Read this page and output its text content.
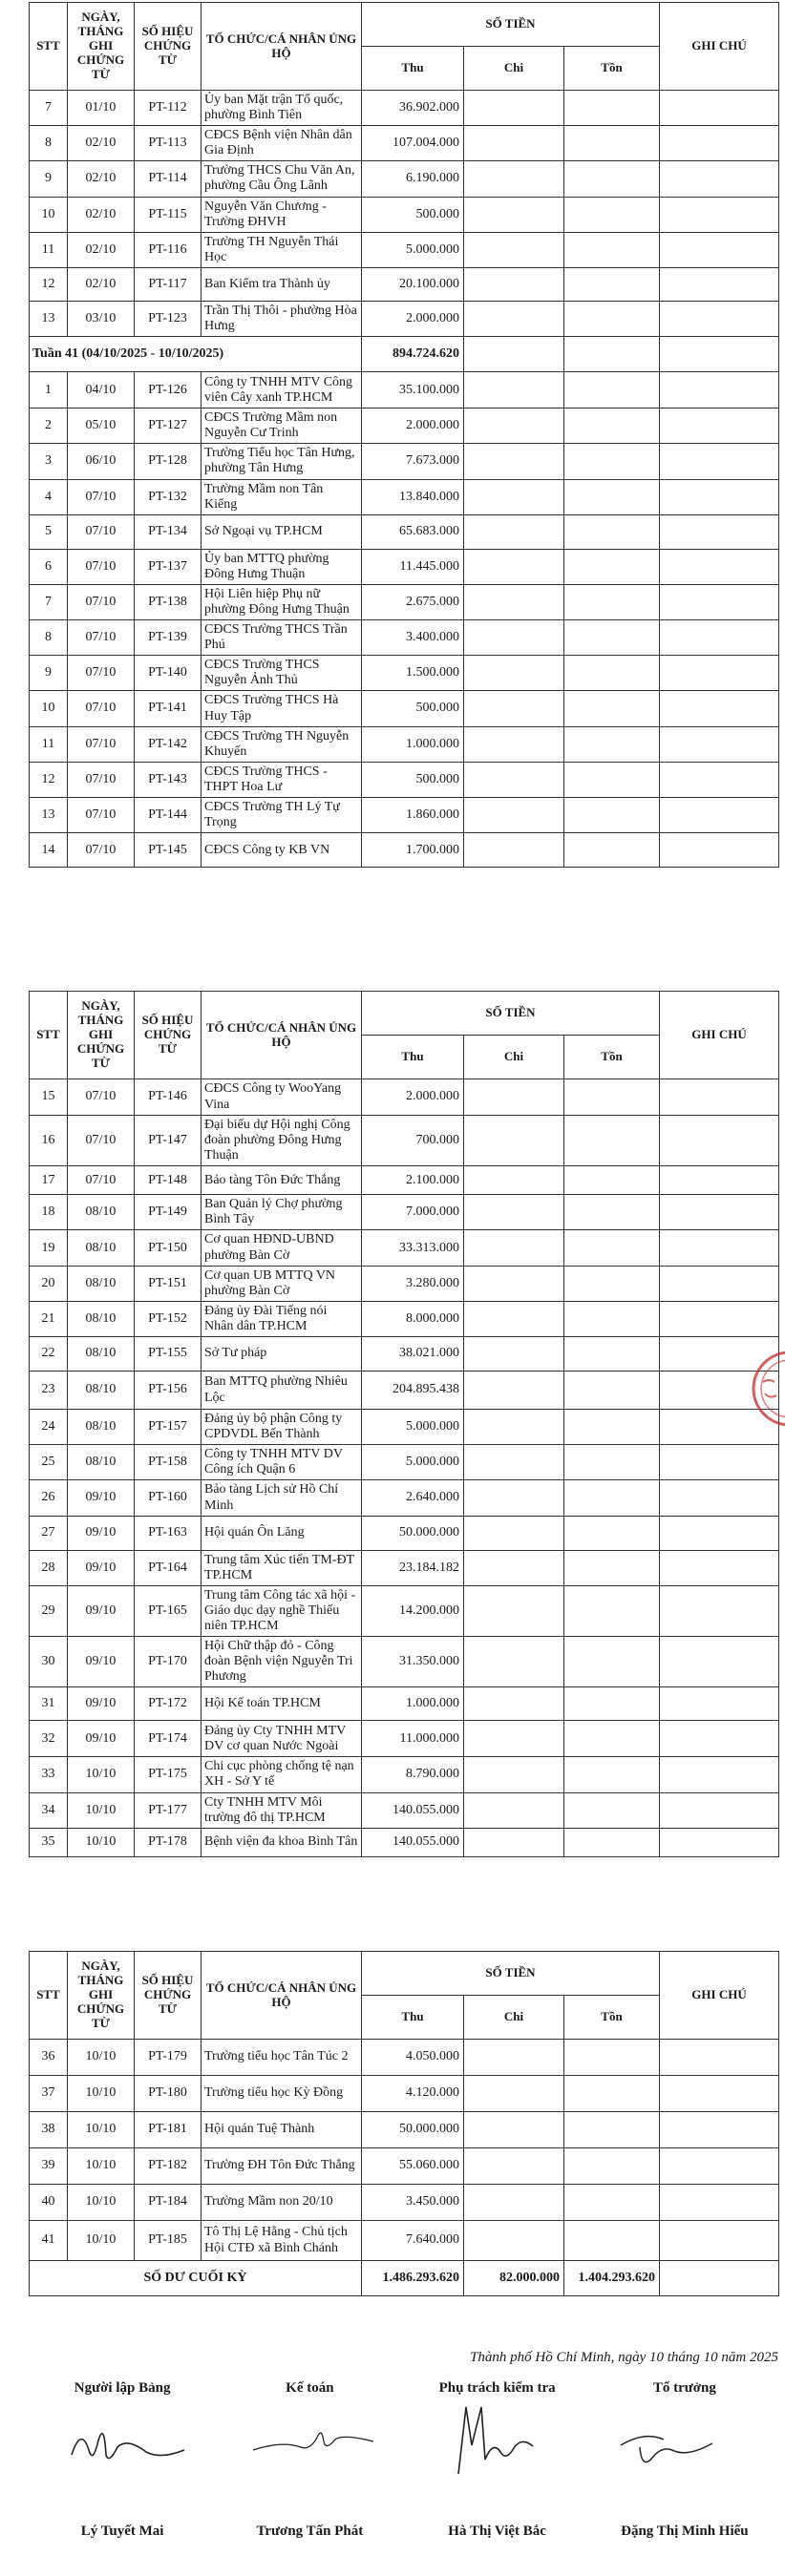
STT	NGÀY, THÁNG GHI CHỨNG TỪ	SỐ HIỆU CHỨNG TỪ	TỔ CHỨC/CÁ NHÂN ỦNG HỘ	SỐ TIỀN			GHI CHÚ
				Thu	Chi	Tồn	
7	01/10	PT-112	Ủy ban Mặt trận Tổ quốc, phường Bình Tiên	36.902.000			
8	02/10	PT-113	CĐCS Bệnh viện Nhân dân Gia Định	107.004.000			
9	02/10	PT-114	Trường THCS Chu Văn An, phường Cầu Ông Lãnh	6.190.000			
10	02/10	PT-115	Nguyễn Văn Chương - Trường ĐHVH	500.000			
11	02/10	PT-116	Trường TH Nguyễn Thái Học	5.000.000			
12	02/10	PT-117	Ban Kiểm tra Thành ủy	20.100.000			
13	03/10	PT-123	Trần Thị Thôi - phường Hòa Hưng	2.000.000			
Tuần 41 (04/10/2025 - 10/10/2025)				894.724.620			
1	04/10	PT-126	Công ty TNHH MTV Công viên Cây xanh TP.HCM	35.100.000			
2	05/10	PT-127	CĐCS Trường Mầm non Nguyễn Cư Trinh	2.000.000			
3	06/10	PT-128	Trường Tiểu học Tân Hưng, phường Tân Hưng	7.673.000			
4	07/10	PT-132	Trường Mầm non Tân Kiểng	13.840.000			
5	07/10	PT-134	Sở Ngoại vụ TP.HCM	65.683.000			
6	07/10	PT-137	Ủy ban MTTQ phường Đông Hưng Thuận	11.445.000			
7	07/10	PT-138	Hội Liên hiệp Phụ nữ phường Đông Hưng Thuận	2.675.000			
8	07/10	PT-139	CĐCS Trường THCS Trần Phú	3.400.000			
9	07/10	PT-140	CĐCS Trường THCS Nguyễn Ảnh Thủ	1.500.000			
10	07/10	PT-141	CĐCS Trường THCS Hà Huy Tập	500.000			
11	07/10	PT-142	CĐCS Trường TH Nguyễn Khuyến	1.000.000			
12	07/10	PT-143	CĐCS Trường THCS - THPT Hoa Lư	500.000			
13	07/10	PT-144	CĐCS Trường TH Lý Tự Trọng	1.860.000			
14	07/10	PT-145	CĐCS Công ty KB VN	1.700.000			
STT	NGÀY, THÁNG GHI CHỨNG TỪ	SỐ HIỆU CHỨNG TỪ	TỔ CHỨC/CÁ NHÂN ỦNG HỘ	SỐ TIỀN			GHI CHÚ
				Thu	Chi	Tồn	
15	07/10	PT-146	CĐCS Công ty WooYang Vina	2.000.000			
16	07/10	PT-147	Đại biểu dự Hội nghị Công đoàn phường Đông Hưng Thuận	700.000			
17	07/10	PT-148	Bảo tàng Tôn Đức Thắng	2.100.000			
18	08/10	PT-149	Ban Quản lý Chợ phường Bình Tây	7.000.000			
19	08/10	PT-150	Cơ quan HĐND-UBND phường Bàn Cờ	33.313.000			
20	08/10	PT-151	Cơ quan UB MTTQ VN phường Bàn Cờ	3.280.000			
21	08/10	PT-152	Đảng ủy Đài Tiếng nói Nhân dân TP.HCM	8.000.000			
22	08/10	PT-155	Sở Tư pháp	38.021.000			
23	08/10	PT-156	Ban MTTQ phường Nhiêu Lộc	204.895.438			
24	08/10	PT-157	Đảng ủy bộ phận Công ty CPDVDL Bến Thành	5.000.000			
25	08/10	PT-158	Công ty TNHH MTV DV Công ích Quận 6	5.000.000			
26	09/10	PT-160	Bảo tàng Lịch sử Hồ Chí Minh	2.640.000			
27	09/10	PT-163	Hội quán Ôn Lăng	50.000.000			
28	09/10	PT-164	Trung tâm Xúc tiến TM-ĐT TP.HCM	23.184.182			
29	09/10	PT-165	Trung tâm Công tác xã hội - Giáo dục dạy nghề Thiếu niên TP.HCM	14.200.000			
30	09/10	PT-170	Hội Chữ thập đỏ - Công đoàn Bệnh viện Nguyễn Tri Phương	31.350.000			
31	09/10	PT-172	Hội Kế toán TP.HCM	1.000.000			
32	09/10	PT-174	Đảng ủy Cty TNHH MTV DV cơ quan Nước Ngoài	11.000.000			
33	10/10	PT-175	Chi cục phòng chống tệ nạn XH - Sở Y tế	8.790.000			
34	10/10	PT-177	Cty TNHH MTV Môi trường đô thị TP.HCM	140.055.000			
35	10/10	PT-178	Bệnh viện đa khoa Bình Tân	140.055.000			
STT	NGÀY, THÁNG GHI CHỨNG TỪ	SỐ HIỆU CHỨNG TỪ	TỔ CHỨC/CÁ NHÂN ỦNG HỘ	SỐ TIỀN			GHI CHÚ
				Thu	Chi	Tồn	
36	10/10	PT-179	Trường tiểu học Tân Túc 2	4.050.000			
37	10/10	PT-180	Trường tiểu học Kỳ Đồng	4.120.000			
38	10/10	PT-181	Hội quán Tuệ Thành	50.000.000			
39	10/10	PT-182	Trường ĐH Tôn Đức Thắng	55.060.000			
40	10/10	PT-184	Trường Mầm non 20/10	3.450.000			
41	10/10	PT-185	Tô Thị Lệ Hằng - Chủ tịch Hội CTĐ xã Bình Chánh	7.640.000			
SỐ DƯ CUỐI KỲ				1.486.293.620	82.000.000	1.404.293.620	
Thành phố Hồ Chí Minh, ngày 10 tháng 10 năm 2025
Người lập Bảng	Kế toán	Phụ trách kiểm tra	Tổ trưởng
Lý Tuyết Mai	Trương Tấn Phát	Hà Thị Việt Bắc	Đặng Thị Minh Hiếu
